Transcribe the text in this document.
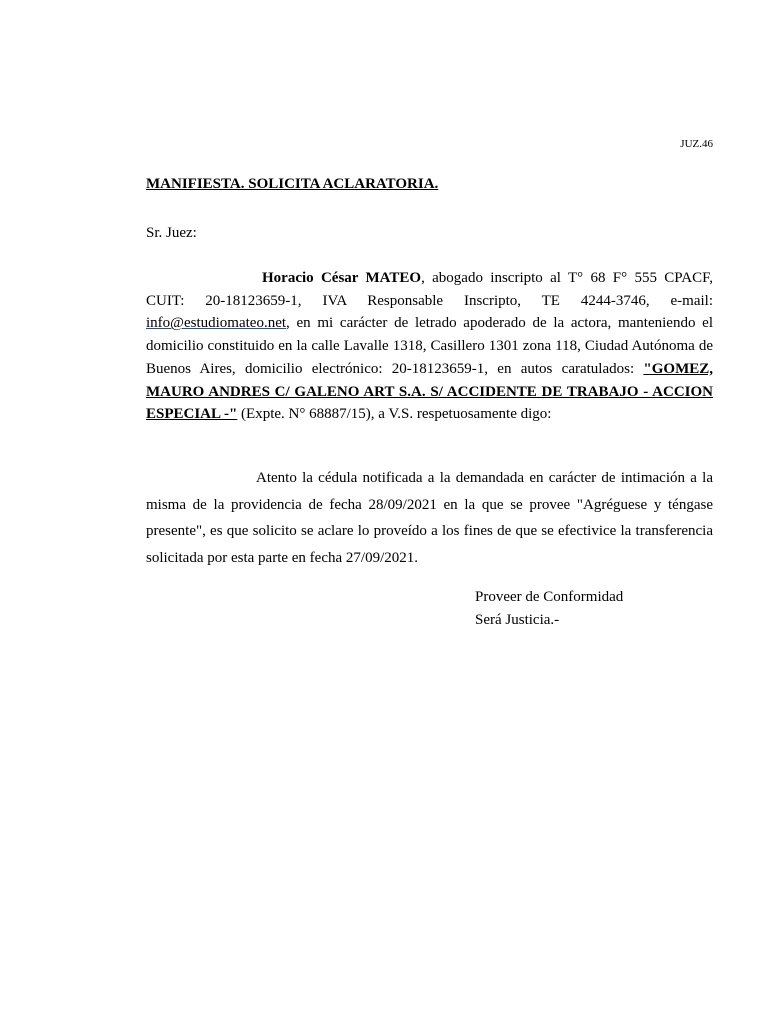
JUZ.46
MANIFIESTA. SOLICITA ACLARATORIA.

Sr. Juez:

Horacio César MATEO, abogado inscripto al T° 68 F° 555 CPACF, CUIT: 20-18123659-1, IVA Responsable Inscripto, TE 4244-3746, e-mail: info@estudiomateo.net, en mi carácter de letrado apoderado de la actora, manteniendo el domicilio constituido en la calle Lavalle 1318, Casillero 1301 zona 118, Ciudad Autónoma de Buenos Aires, domicilio electrónico: 20-18123659-1, en autos caratulados: "GOMEZ, MAURO ANDRES C/ GALENO ART S.A. S/ ACCIDENTE DE TRABAJO - ACCION ESPECIAL -" (Expte. N° 68887/15), a V.S. respetuosamente digo:

Atento la cédula notificada a la demandada en carácter de intimación a la misma de la providencia de fecha 28/09/2021 en la que se provee "Agréguese y téngase presente", es que solicito se aclare lo proveído a los fines de que se efectivice la transferencia solicitada por esta parte en fecha 27/09/2021.

Proveer de Conformidad
Será Justicia.-
